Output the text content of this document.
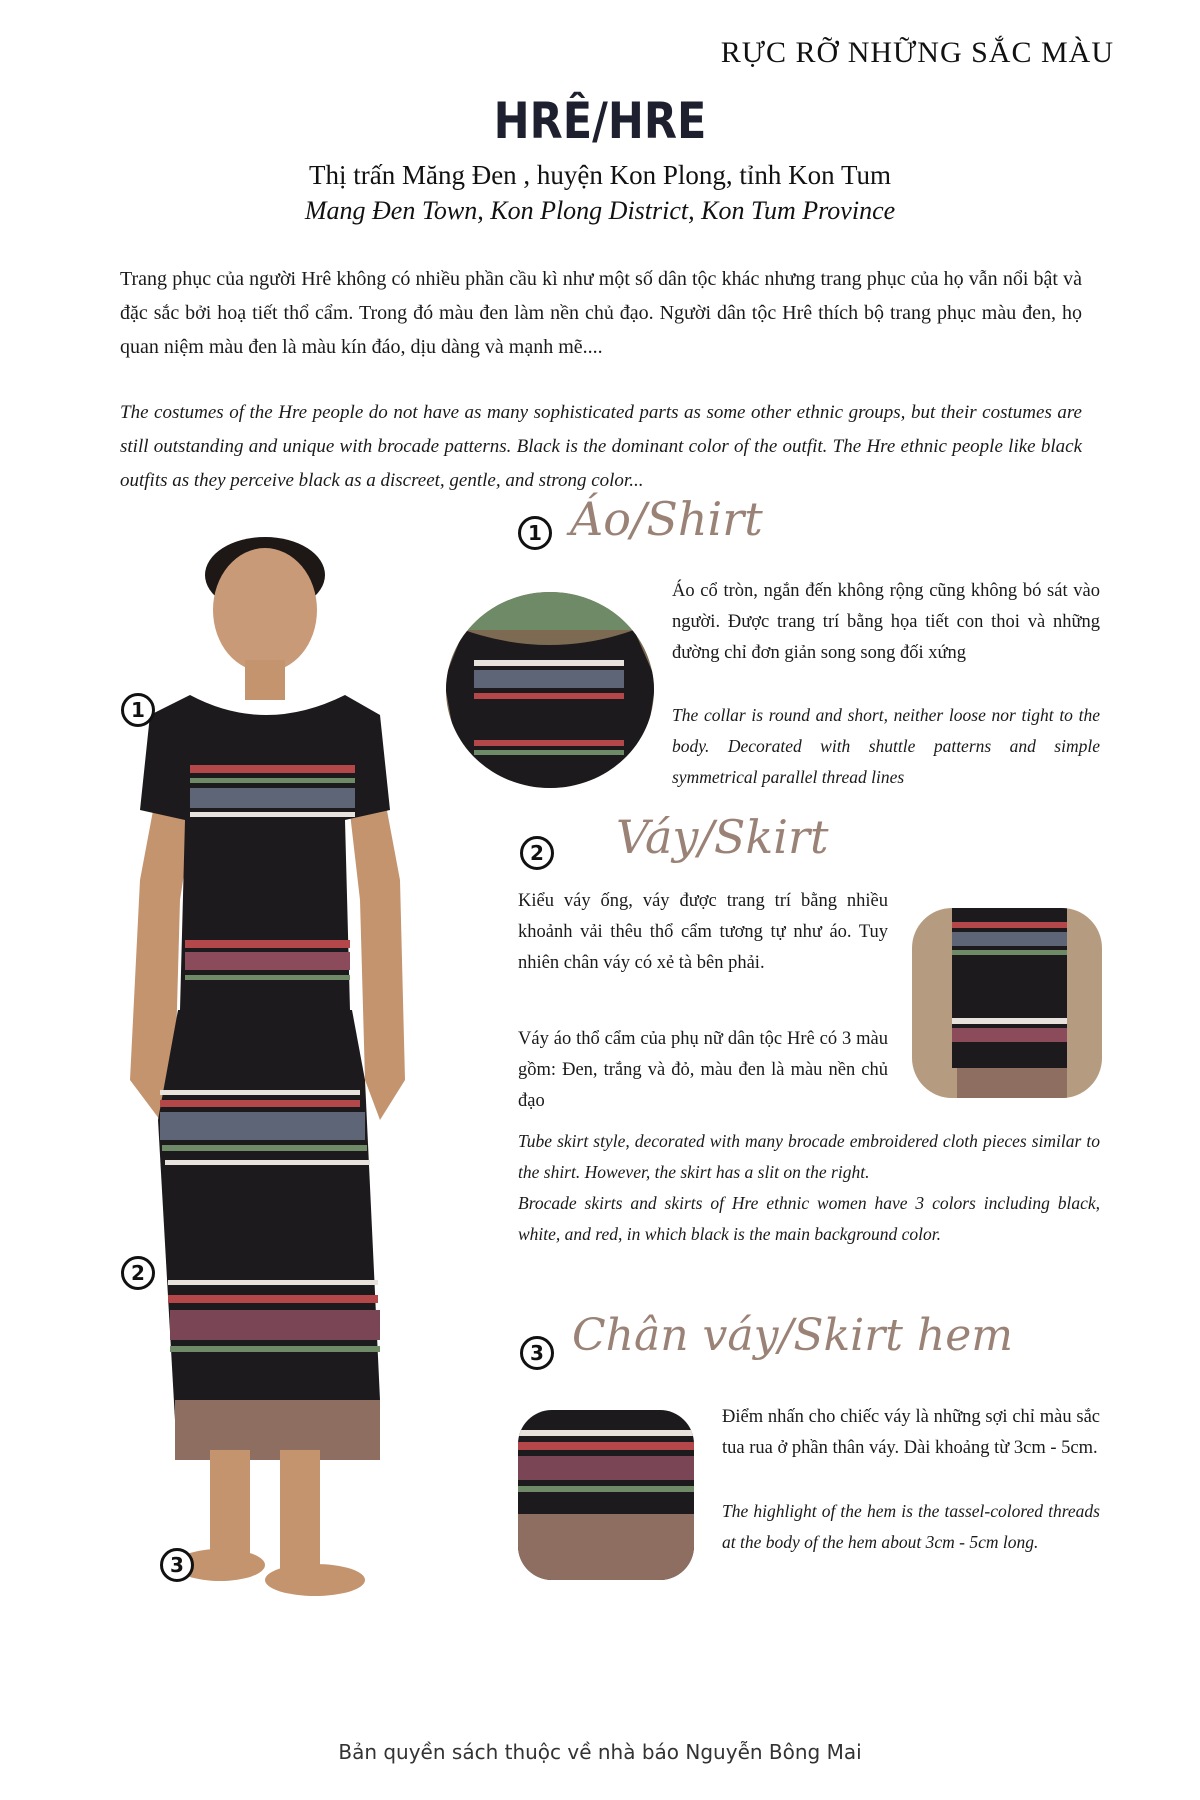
RỰC RỠ NHỮNG SẮC MÀU
HRÊ/HRE
Thị trấn Măng Đen , huyện Kon Plong, tỉnh Kon Tum
Mang Đen Town, Kon Plong District, Kon Tum Province
Trang phục của người Hrê không có nhiều phần cầu kì như một số dân tộc khác nhưng trang phục của họ vẫn nổi bật và đặc sắc bởi hoạ tiết thổ cẩm. Trong đó màu đen làm nền chủ đạo. Người dân tộc Hrê thích bộ trang phục màu đen, họ quan niệm màu đen là màu kín đáo, dịu dàng và mạnh mẽ....
The costumes of the Hre people do not have as many sophisticated parts as some other ethnic groups, but their costumes are still outstanding and unique with brocade patterns. Black is the dominant color of the outfit. The Hre ethnic people like black outfits as they perceive black as a discreet, gentle, and strong color...
1
2
3
1 Áo/Shirt
Áo cổ tròn, ngắn đến không rộng cũng không bó sát vào người. Được trang trí bằng họa tiết con thoi và những đường chỉ đơn giản song song đối xứng
The collar is round and short, neither loose nor tight to the body. Decorated with shuttle patterns and simple symmetrical parallel thread lines
2 Váy/Skirt
Kiểu váy ống, váy được trang trí bằng nhiều khoảnh vải thêu thổ cẩm tương tự như áo. Tuy nhiên chân váy có xẻ tà bên phải.
Váy áo thổ cẩm của phụ nữ dân tộc Hrê có 3 màu gồm: Đen, trắng và đỏ, màu đen là màu nền chủ đạo
Tube skirt style, decorated with many brocade embroidered cloth pieces similar to the shirt. However, the skirt has a slit on the right.
Brocade skirts and skirts of Hre ethnic women have 3 colors including black, white, and red, in which black is the main background color.
3 Chân váy/Skirt hem
Điểm nhấn cho chiếc váy là những sợi chỉ màu sắc tua rua ở phần thân váy. Dài khoảng từ 3cm - 5cm.
The highlight of the hem is the tassel-colored threads at the body of the hem about 3cm - 5cm long.
Bản quyền sách thuộc về nhà báo Nguyễn Bông Mai
